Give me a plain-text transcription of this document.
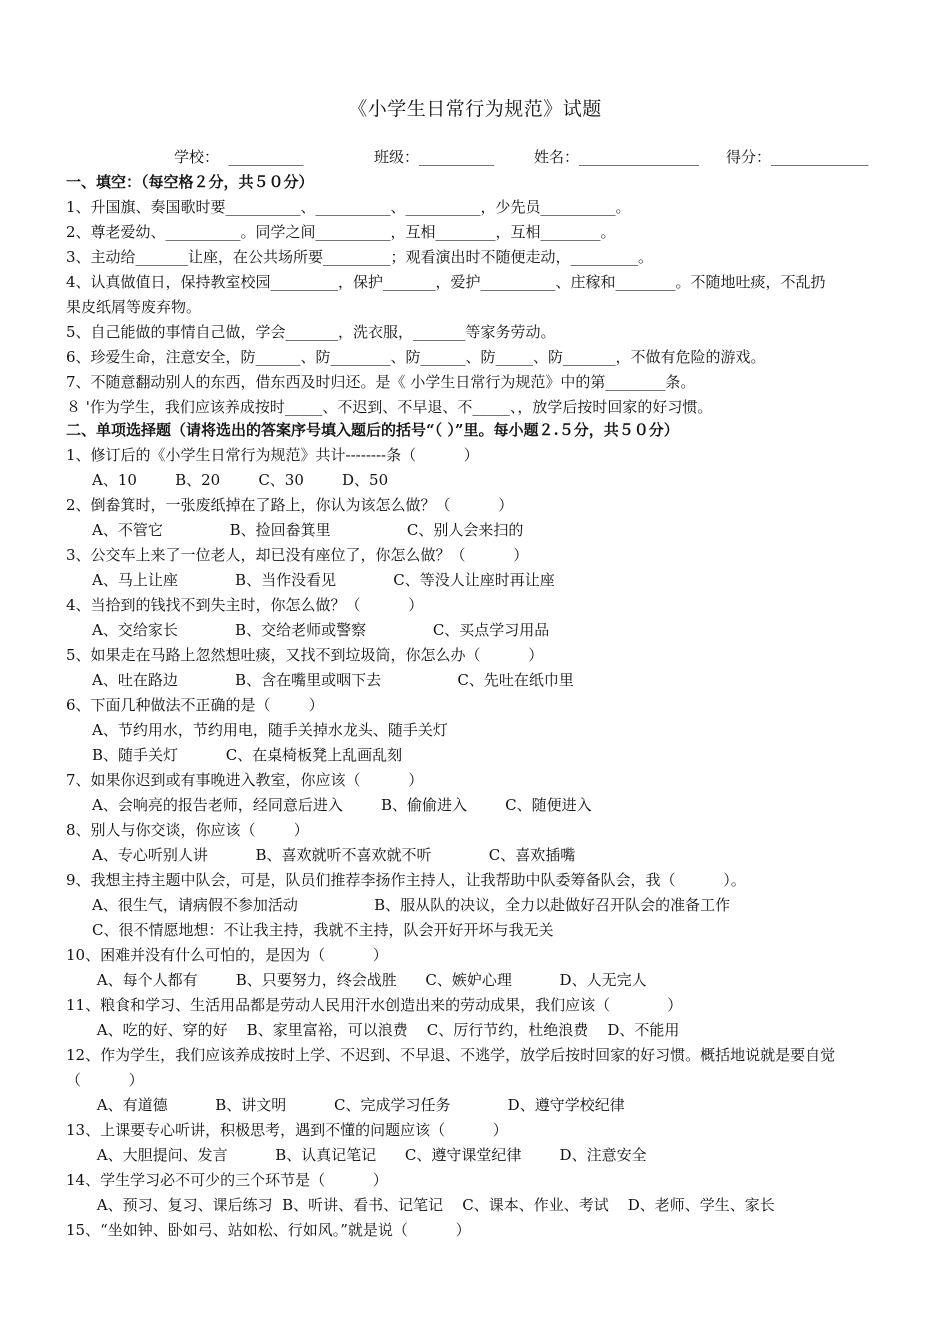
《小学生日常行为规范》试题
学校：  __________	班级：__________	姓名：________________ 得分：_____________
一、填空：（每空格２分，共５０分）
1、升国旗、奏国歌时要__________、__________、__________，少先员__________。
2、尊老爱幼、__________。同学之间__________，互相________，互相________。
3、主动给_______让座，在公共场所要_________；观看演出时不随便走动，_________。
4、认真做值日，保持教室校园_________，保护_______，爱护__________、庄稼和________。不随地吐痰，不乱扔
果皮纸屑等废弃物。
5、自己能做的事情自己做，学会_______，洗衣服，_______等家务劳动。
6、珍爱生命，注意安全，防______、防________、防______、防_____、防_______，不做有危险的游戏。
7、不随意翻动别人的东西，借东西及时归还。是《 小学生日常行为规范》中的第________条。
８ '作为学生，我们应该养成按时_____、不迟到、不早退、不_____、，放学后按时回家的好习惯。
二、单项选择题（请将选出的答案序号填入题后的括号“（ ）”里。每小题２.５分，共５０分）
1、修订后的《小学生日常行为规范》共计--------条（          ）
A、10        B、20        C、30        D、50
2、倒畚箕时，一张废纸掉在了路上，你认为该怎么做？（          ）
A、不管它              B、捡回畚箕里                C、别人会来扫的
3、公交车上来了一位老人，却已没有座位了，你怎么做？（          ）
A、马上让座            B、当作没看见            C、等没人让座时再让座
4、当拾到的钱找不到失主时，你怎么做？（          ）
A、交给家长            B、交给老师或警察              C、买点学习用品
5、如果走在马路上忽然想吐痰，又找不到垃圾筒，你怎么办（          ）
A、吐在路边            B、含在嘴里或咽下去                C、先吐在纸巾里
6、下面几种做法不正确的是（        ）
A、节约用水，节约用电，随手关掉水龙头、随手关灯
B、随手关灯          C、在桌椅板凳上乱画乱刻
7、如果你迟到或有事晚进入教室，你应该（          ）
A、会响亮的报告老师，经同意后进入        B、偷偷进入        C、随便进入
8、别人与你交谈，你应该（        ）
A、专心听别人讲          B、喜欢就听不喜欢就不听            C、喜欢插嘴
9、我想主持主题中队会，可是，队员们推荐李扬作主持人，让我帮助中队委筹备队会，我（          ）。
A、很生气，请病假不参加活动                B、服从队的决议，全力以赴做好召开队会的准备工作
C、很不情愿地想：不让我主持，我就不主持，队会开好开坏与我无关
10、困难并没有什么可怕的，是因为（          ）
A、每个人都有        B、只要努力，终会战胜      C、嫉妒心理          D、人无完人
11、粮食和学习、生活用品都是劳动人民用汗水创造出来的劳动成果，我们应该（            ）
A、吃的好、穿的好    B、家里富裕，可以浪费    C、厉行节约，杜绝浪费    D、不能用
12、作为学生，我们应该养成按时上学、不迟到、不早退、不逃学，放学后按时回家的好习惯。概括地说就是要自觉
（          ）
A、有道德          B、讲文明          C、完成学习任务            D、遵守学校纪律
13、上课要专心听讲，积极思考，遇到不懂的问题应该（          ）
A、大胆提问、发言          B、认真记笔记      C、遵守课堂纪律        D、注意安全
14、学生学习必不可少的三个环节是（          ）
A、预习、复习、课后练习  B、听讲、看书、记笔记    C、课本、作业、考试    D、老师、学生、家长
15、“坐如钟、卧如弓、站如松、行如风。”就是说（          ）
